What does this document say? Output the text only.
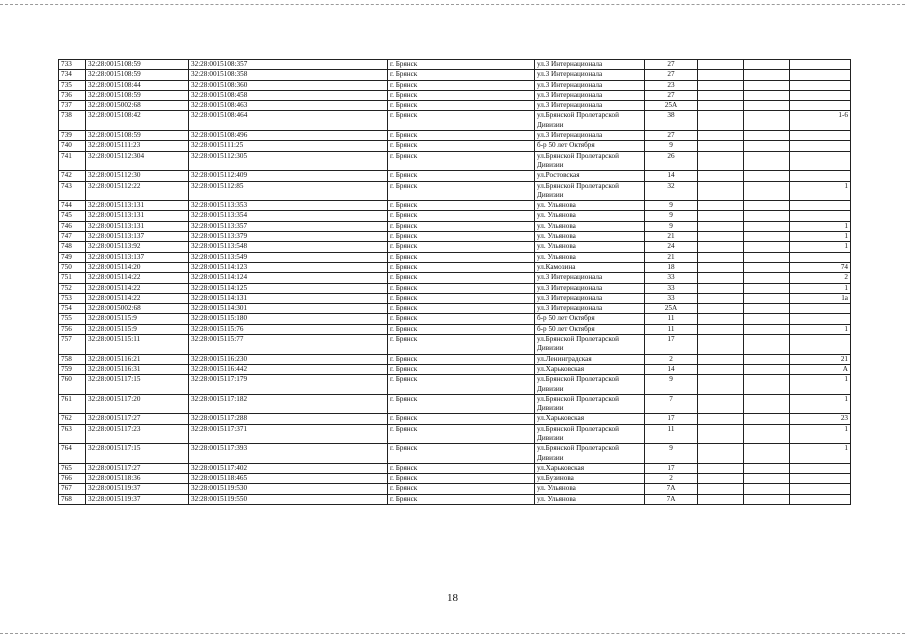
733	32:28:0015108:59	32:28:0015108:357	г. Брянск	ул.3 Интернационала	27			
734	32:28:0015108:59	32:28:0015108:358	г. Брянск	ул.3 Интернационала	27			
735	32:28:0015108:44	32:28:0015108:360	г. Брянск	ул.3 Интернационала	23			
736	32:28:0015108:59	32:28:0015108:458	г. Брянск	ул.3 Интернационала	27			
737	32:28:0015002:68	32:28:0015108:463	г. Брянск	ул.3 Интернационала	25А			
738	32:28:0015108:42	32:28:0015108:464	г. Брянск	ул.Брянской Пролетарской Дивизии	38			1-6
739	32:28:0015108:59	32:28:0015108:496	г. Брянск	ул.3 Интернационала	27			
740	32:28:0015111:23	32:28:0015111:25	г. Брянск	б-р 50 лет Октября	9			
741	32:28:0015112:304	32:28:0015112:305	г. Брянск	ул.Брянской Пролетарской Дивизии	26			
742	32:28:0015112:30	32:28:0015112:409	г. Брянск	ул.Ростовская	14			
743	32:28:0015112:22	32:28:0015112:85	г. Брянск	ул.Брянской Пролетарской Дивизии	32			1
744	32:28:0015113:131	32:28:0015113:353	г. Брянск	ул. Ульянова	9			
745	32:28:0015113:131	32:28:0015113:354	г. Брянск	ул. Ульянова	9			
746	32:28:0015113:131	32:28:0015113:357	г. Брянск	ул. Ульянова	9			1
747	32:28:0015113:137	32:28:0015113:379	г. Брянск	ул. Ульянова	21			1
748	32:28:0015113:92	32:28:0015113:548	г. Брянск	ул. Ульянова	24			1
749	32:28:0015113:137	32:28:0015113:549	г. Брянск	ул. Ульянова	21			
750	32:28:0015114:20	32:28:0015114:123	г. Брянск	ул.Камозина	18			74
751	32:28:0015114:22	32:28:0015114:124	г. Брянск	ул.3 Интернационала	33			2
752	32:28:0015114:22	32:28:0015114:125	г. Брянск	ул.3 Интернационала	33			1
753	32:28:0015114:22	32:28:0015114:131	г. Брянск	ул.3 Интернационала	33			1а
754	32:28:0015002:68	32:28:0015114:301	г. Брянск	ул.3 Интернационала	25А			
755	32:28:0015115:9	32:28:0015115:180	г. Брянск	б-р 50 лет Октября	11			
756	32:28:0015115:9	32:28:0015115:76	г. Брянск	б-р 50 лет Октября	11			1
757	32:28:0015115:11	32:28:0015115:77	г. Брянск	ул.Брянской Пролетарской Дивизии	17			
758	32:28:0015116:21	32:28:0015116:230	г. Брянск	ул.Ленинградская	2			21
759	32:28:0015116:31	32:28:0015116:442	г. Брянск	ул.Харьковская	14			А
760	32:28:0015117:15	32:28:0015117:179	г. Брянск	ул.Брянской Пролетарской Дивизии	9			1
761	32:28:0015117:20	32:28:0015117:182	г. Брянск	ул.Брянской Пролетарской Дивизии	7			1
762	32:28:0015117:27	32:28:0015117:288	г. Брянск	ул.Харьковская	17			23
763	32:28:0015117:23	32:28:0015117:371	г. Брянск	ул.Брянской Пролетарской Дивизии	11			1
764	32:28:0015117:15	32:28:0015117:393	г. Брянск	ул.Брянской Пролетарской Дивизии	9			1
765	32:28:0015117:27	32:28:0015117:402	г. Брянск	ул.Харьковская	17			
766	32:28:0015118:36	32:28:0015118:465	г. Брянск	ул.Бузинова	2			
767	32:28:0015119:37	32:28:0015119:530	г. Брянск	ул. Ульянова	7А			
768	32:28:0015119:37	32:28:0015119:550	г. Брянск	ул. Ульянова	7А			
18
